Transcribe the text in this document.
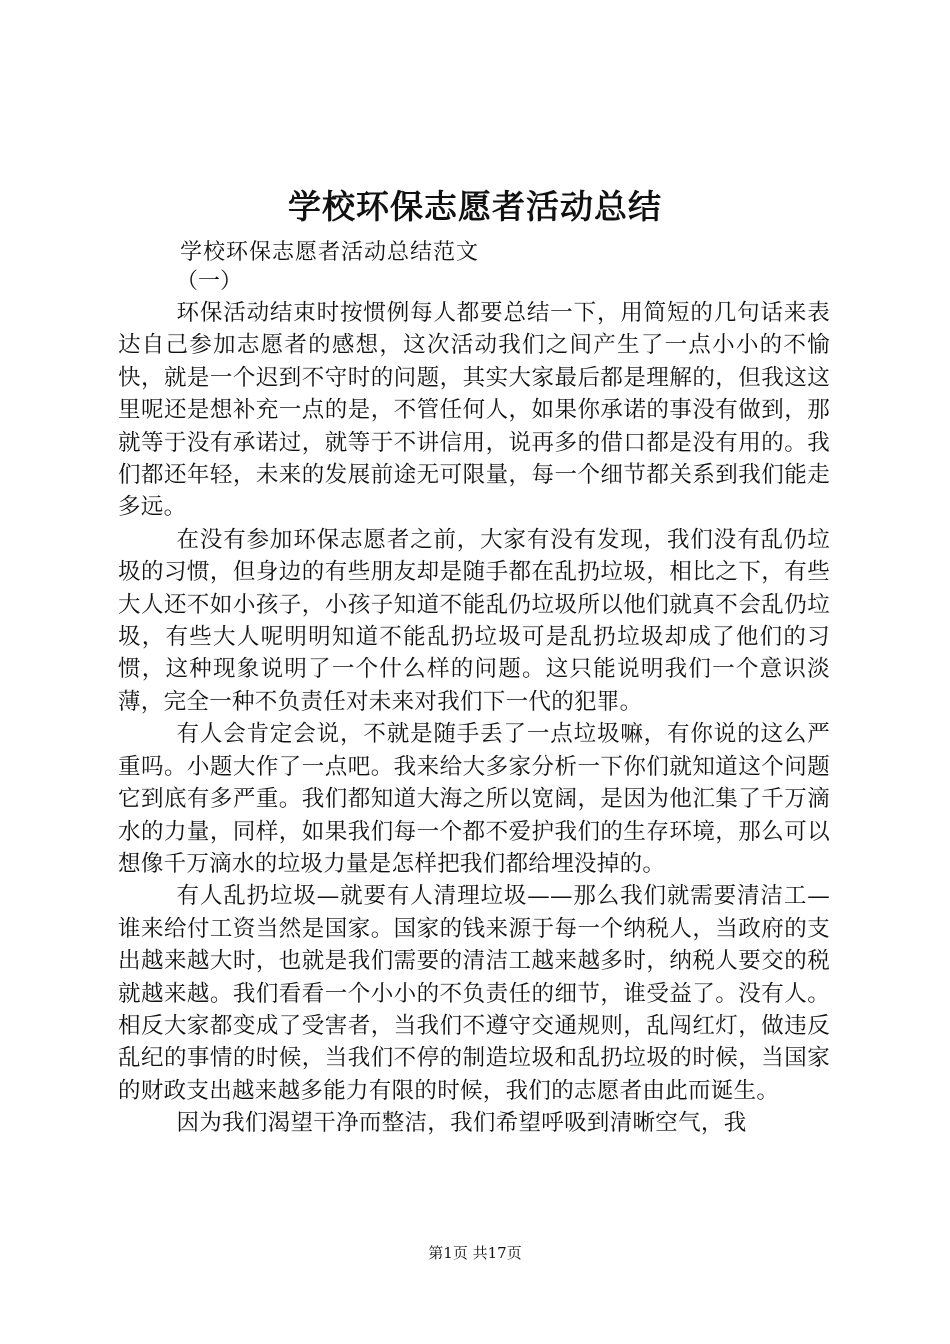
学校环保志愿者活动总结
学校环保志愿者活动总结范文
（一）

环保活动结束时按惯例每人都要总结一下，用简短的几句话来表达自己参加志愿者的感想，这次活动我们之间产生了一点小小的不愉快，就是一个迟到不守时的问题，其实大家最后都是理解的，但我这这里呢还是想补充一点的是，不管任何人，如果你承诺的事没有做到，那就等于没有承诺过，就等于不讲信用，说再多的借口都是没有用的。我们都还年轻，未来的发展前途无可限量，每一个细节都关系到我们能走多远。

在没有参加环保志愿者之前，大家有没有发现，我们没有乱仍垃圾的习惯，但身边的有些朋友却是随手都在乱扔垃圾，相比之下，有些大人还不如小孩子，小孩子知道不能乱仍垃圾所以他们就真不会乱仍垃圾，有些大人呢明明知道不能乱扔垃圾可是乱扔垃圾却成了他们的习惯，这种现象说明了一个什么样的问题。这只能说明我们一个意识淡薄，完全一种不负责任对未来对我们下一代的犯罪。

有人会肯定会说，不就是随手丢了一点垃圾嘛，有你说的这么严重吗。小题大作了一点吧。我来给大多家分析一下你们就知道这个问题它到底有多严重。我们都知道大海之所以宽阔，是因为他汇集了千万滴水的力量，同样，如果我们每一个都不爱护我们的生存环境，那么可以想像千万滴水的垃圾力量是怎样把我们都给埋没掉的。

有人乱扔垃圾—就要有人清理垃圾——那么我们就需要清洁工—谁来给付工资当然是国家。国家的钱来源于每一个纳税人，当政府的支出越来越大时，也就是我们需要的清洁工越来越多时，纳税人要交的税就越来越。我们看看一个小小的不负责任的细节，谁受益了。没有人。相反大家都变成了受害者，当我们不遵守交通规则，乱闯红灯，做违反乱纪的事情的时候，当我们不停的制造垃圾和乱扔垃圾的时候，当国家的财政支出越来越多能力有限的时候，我们的志愿者由此而诞生。

因为我们渴望干净而整洁，我们希望呼吸到清晰空气，我

第1页 共17页
